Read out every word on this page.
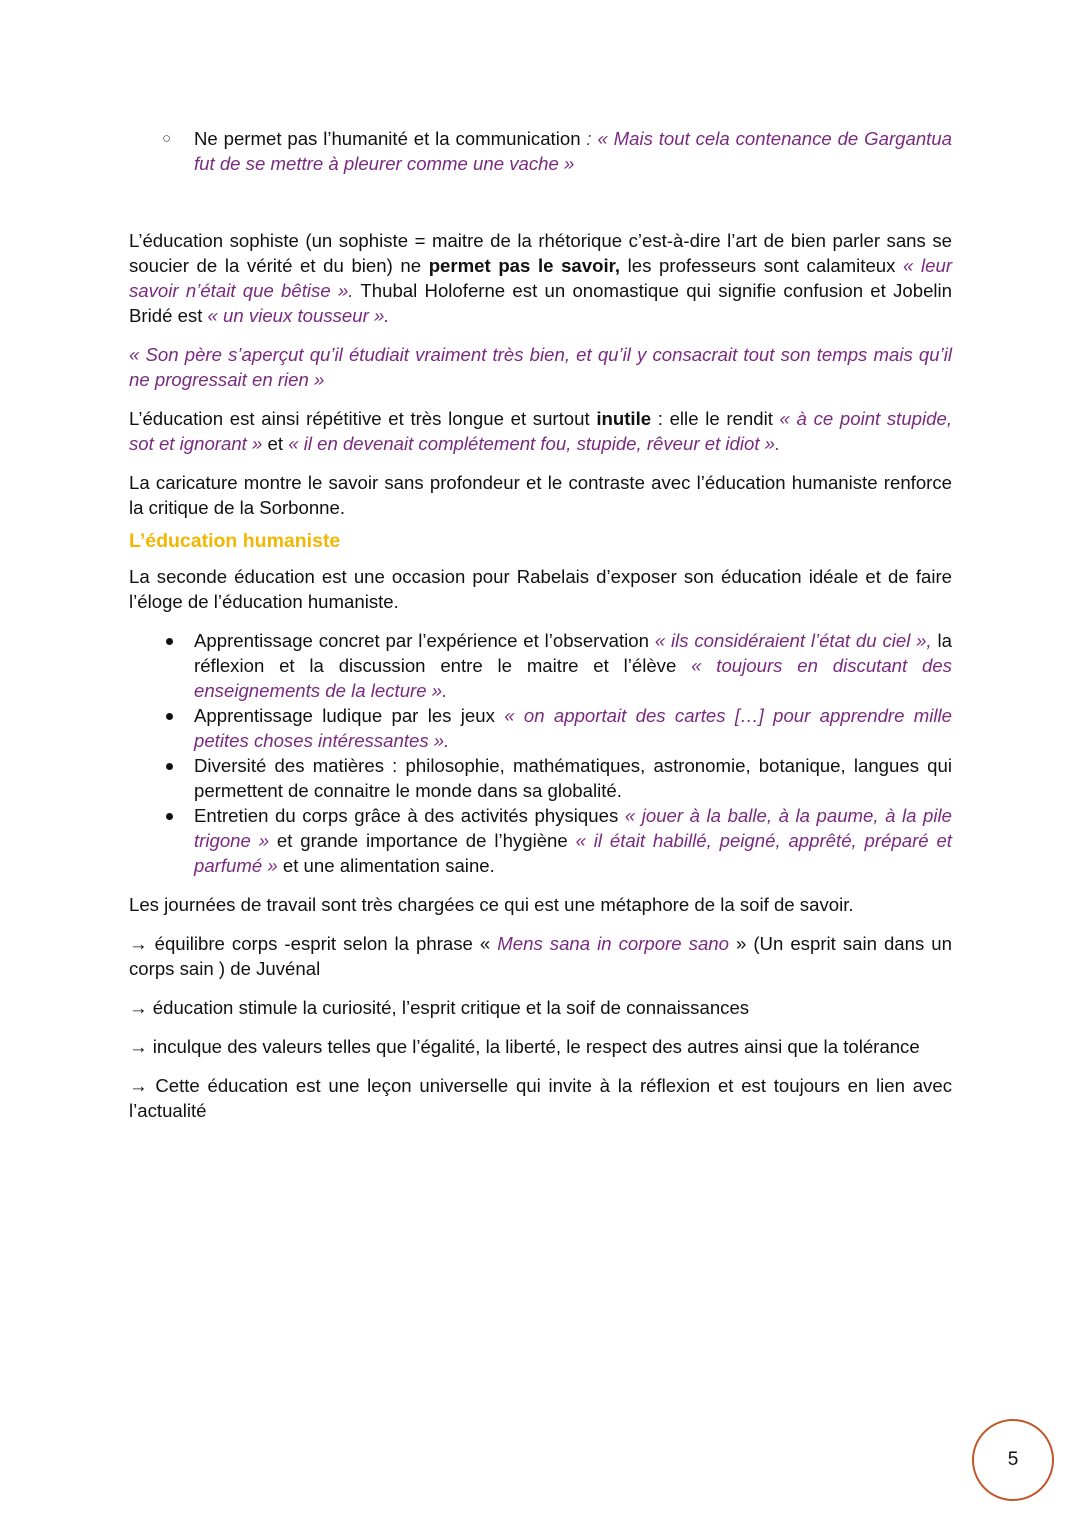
○ Ne permet pas l’humanité et la communication : « Mais tout cela contenance de Gargantua fut de se mettre à pleurer comme une vache »

L’éducation sophiste (un sophiste = maitre de la rhétorique c’est-à-dire l’art de bien parler sans se soucier de la vérité et du bien) ne permet pas le savoir, les professeurs sont calamiteux « leur savoir n’était que bêtise ». Thubal Holoferne est un onomastique qui signifie confusion et Jobelin Bridé est « un vieux tousseur ».

« Son père s’aperçut qu’il étudiait vraiment très bien, et qu’il y consacrait tout son temps mais qu’il ne progressait en rien »

L’éducation est ainsi répétitive et très longue et surtout inutile : elle le rendit « à ce point stupide, sot et ignorant » et « il en devenait complétement fou, stupide, rêveur et idiot ».

La caricature montre le savoir sans profondeur et le contraste avec l’éducation humaniste renforce la critique de la Sorbonne.

L’éducation humaniste

La seconde éducation est une occasion pour Rabelais d’exposer son éducation idéale et de faire l’éloge de l’éducation humaniste.

Apprentissage concret par l’expérience et l’observation « ils considéraient l’état du ciel », la réflexion et la discussion entre le maitre et l’élève « toujours en discutant des enseignements de la lecture ».
Apprentissage ludique par les jeux « on apportait des cartes […] pour apprendre mille petites choses intéressantes ».
Diversité des matières : philosophie, mathématiques, astronomie, botanique, langues qui permettent de connaitre le monde dans sa globalité.
Entretien du corps grâce à des activités physiques « jouer à la balle, à la paume, à la pile trigone » et grande importance de l’hygiène « il était habillé, peigné, apprêté, préparé et parfumé » et une alimentation saine.

Les journées de travail sont très chargées ce qui est une métaphore de la soif de savoir.

→ équilibre corps -esprit selon la phrase « Mens sana in corpore sano » (Un esprit sain dans un corps sain ) de Juvénal

→ éducation stimule la curiosité, l’esprit critique et la soif de connaissances

→ inculque des valeurs telles que l’égalité, la liberté, le respect des autres ainsi que la tolérance

→ Cette éducation est une leçon universelle qui invite à la réflexion et est toujours en lien avec l’actualité

5
